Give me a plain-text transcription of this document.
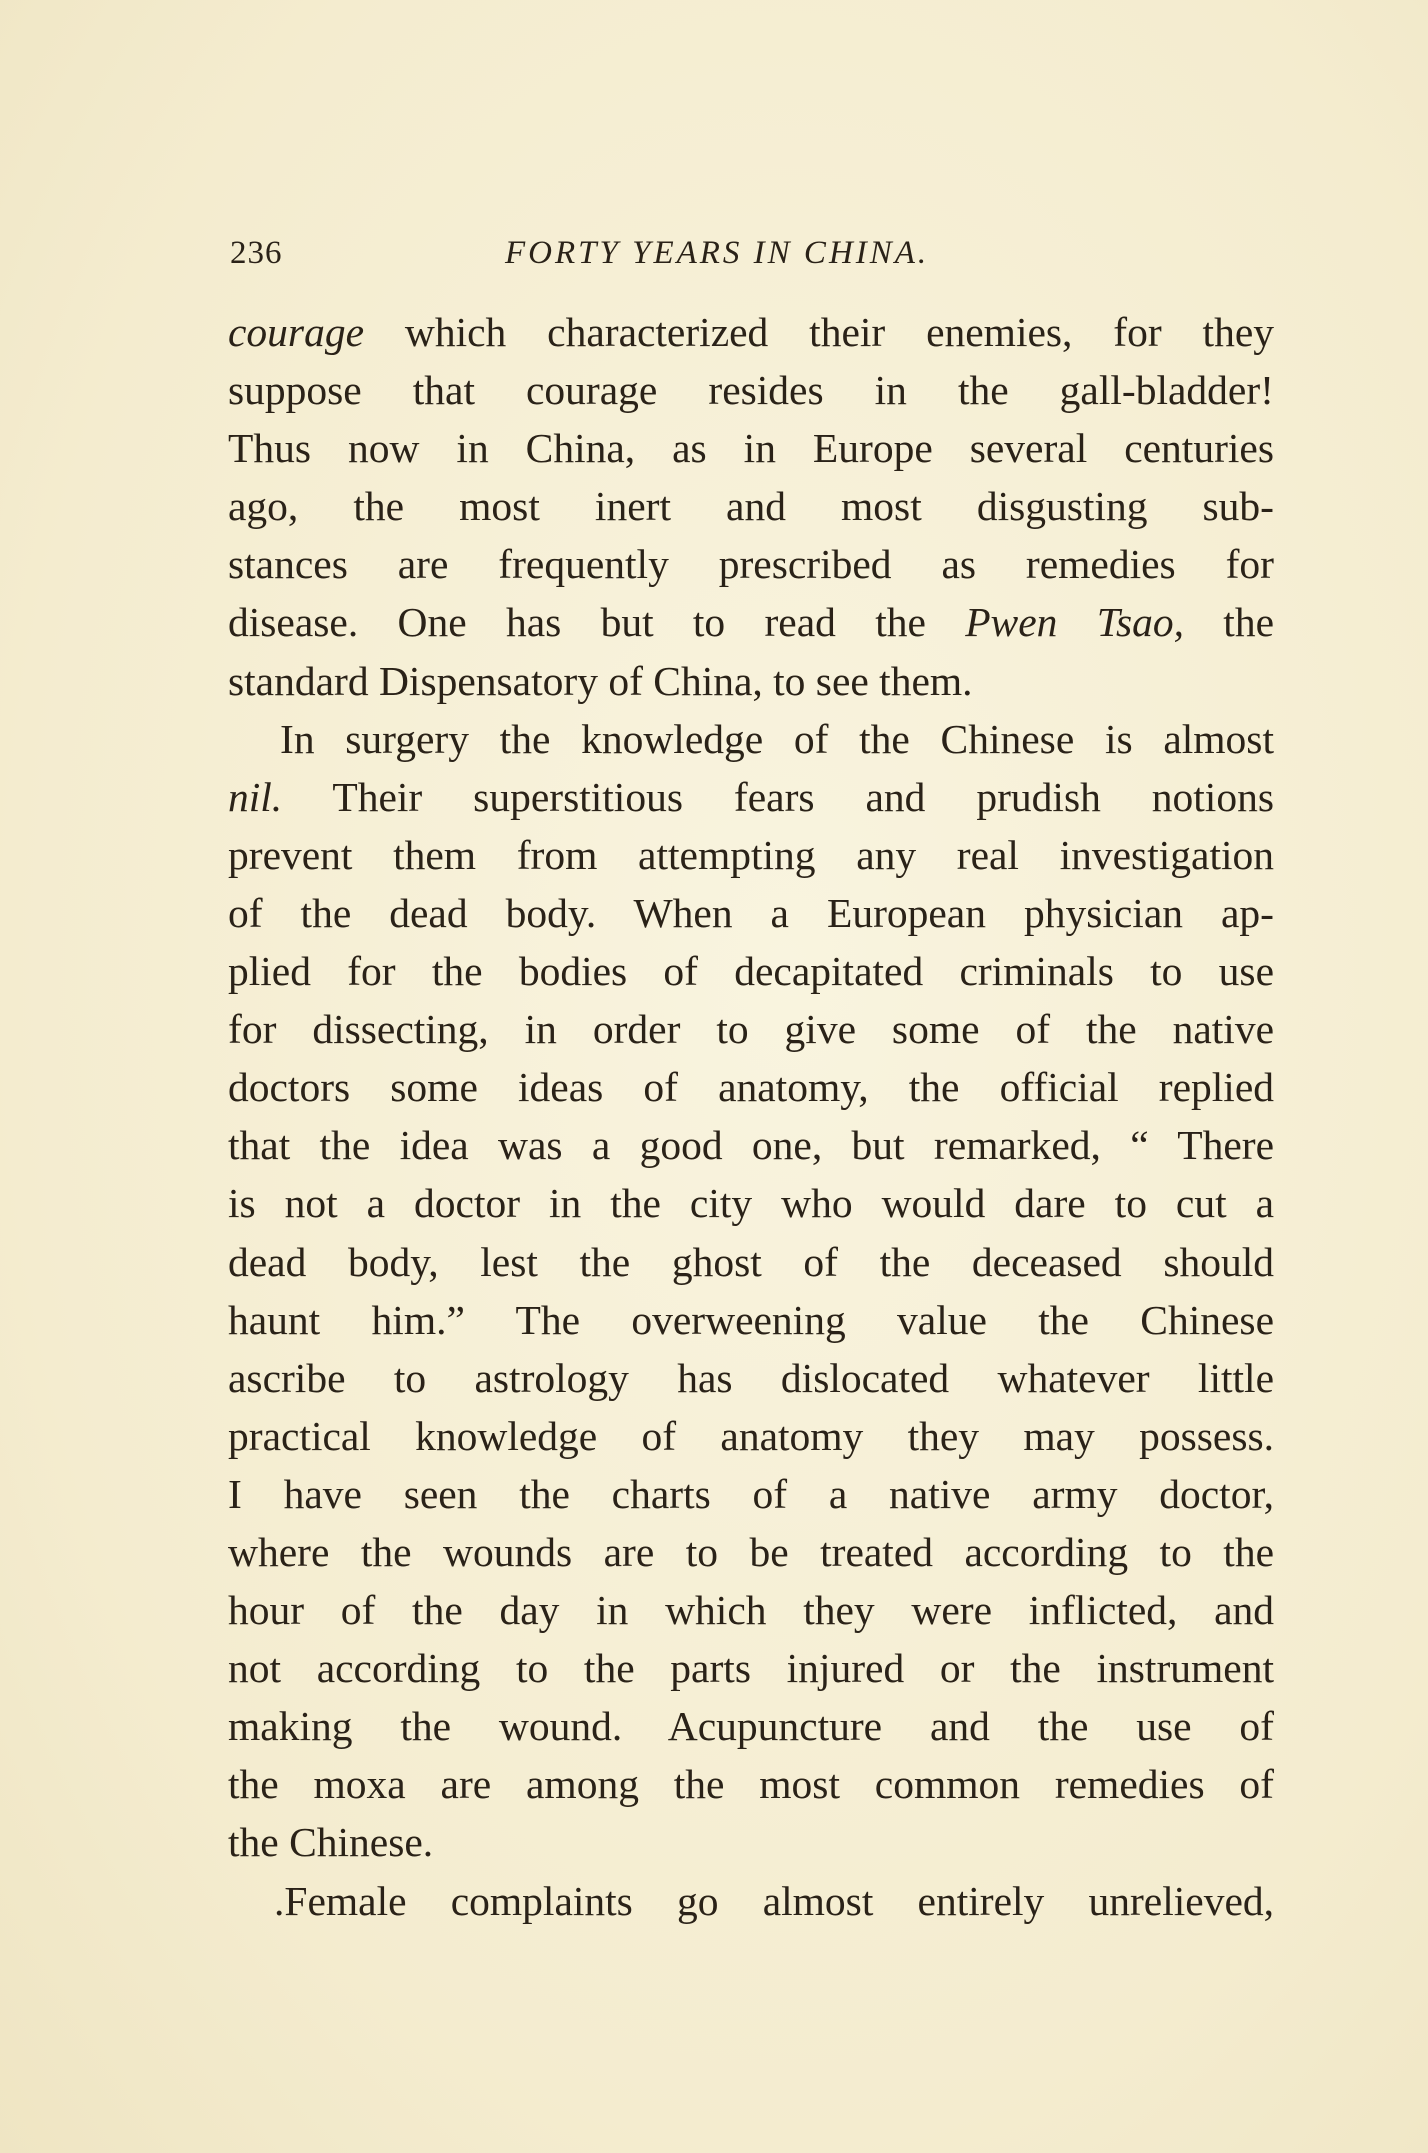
236	FORTY YEARS IN CHINA.
courage which characterized their enemies, for they
suppose that courage resides in the gall-bladder!
Thus now in China, as in Europe several centuries
ago, the most inert and most disgusting sub-
stances are frequently prescribed as remedies for
disease. One has but to read the Pwen Tsao, the
standard Dispensatory of China, to see them.
In surgery the knowledge of the Chinese is almost
nil. Their superstitious fears and prudish notions
prevent them from attempting any real investigation
of the dead body. When a European physician ap-
plied for the bodies of decapitated criminals to use
for dissecting, in order to give some of the native
doctors some ideas of anatomy, the official replied
that the idea was a good one, but remarked, “ There
is not a doctor in the city who would dare to cut a
dead body, lest the ghost of the deceased should
haunt him.” The overweening value the Chinese
ascribe to astrology has dislocated whatever little
practical knowledge of anatomy they may possess.
I have seen the charts of a native army doctor,
where the wounds are to be treated according to the
hour of the day in which they were inflicted, and
not according to the parts injured or the instrument
making the wound. Acupuncture and the use of
the moxa are among the most common remedies of
the Chinese.
.Female complaints go almost entirely unrelieved,
